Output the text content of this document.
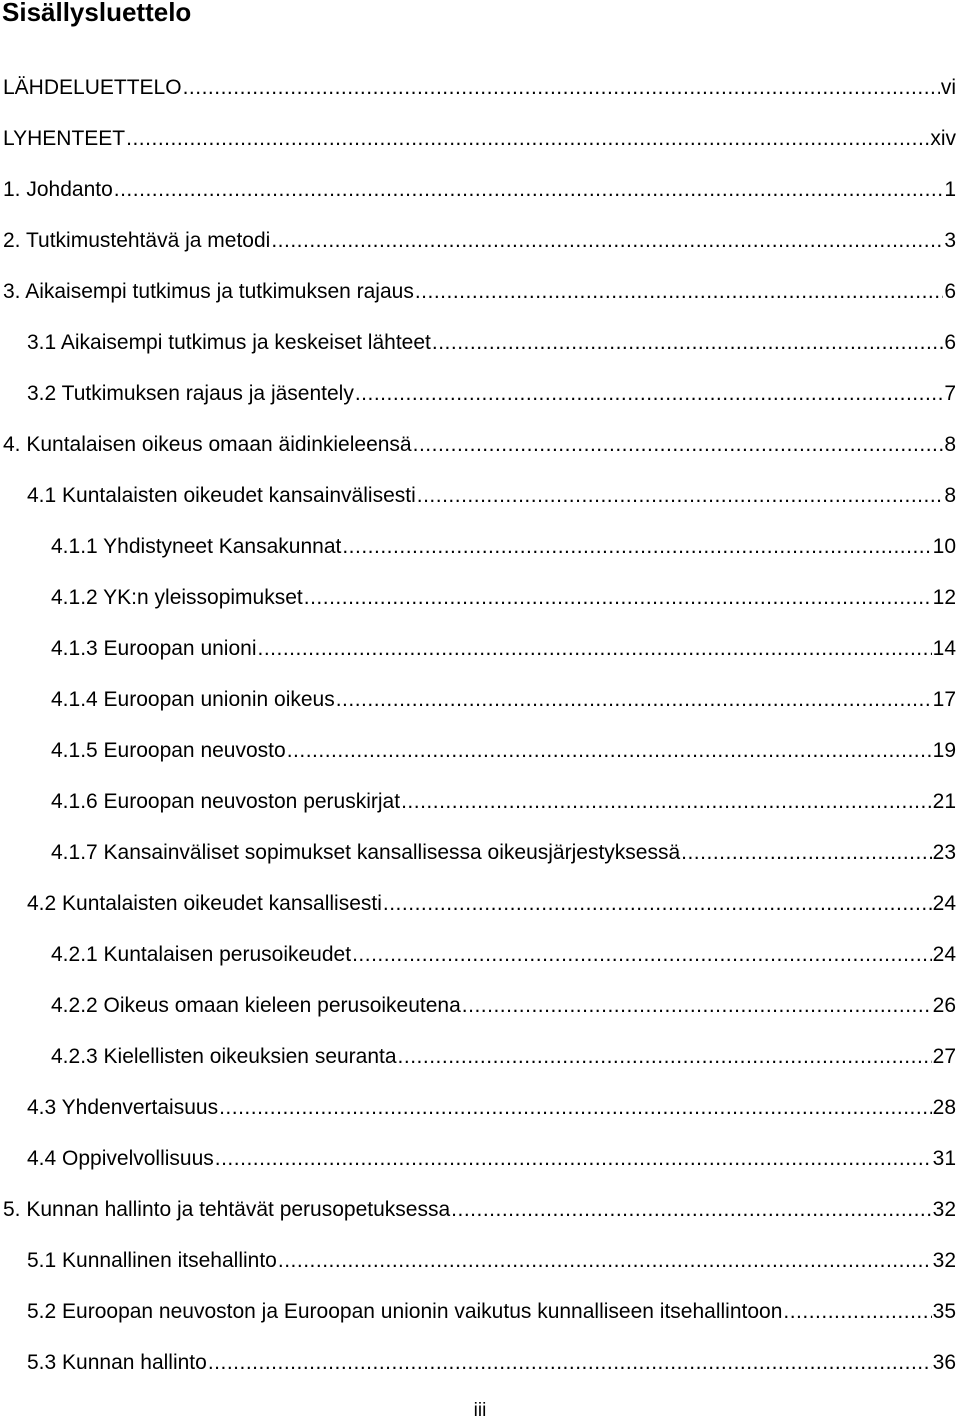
Sisällysluettelo
LÄHDELUETTELO .....	vi
LYHENTEET .....	xiv
1. Johdanto .....	1
2. Tutkimustehtävä ja metodi .....	3
3. Aikaisempi tutkimus ja tutkimuksen rajaus .....	6
3.1 Aikaisempi tutkimus ja keskeiset lähteet .....	6
3.2 Tutkimuksen rajaus ja jäsentely .....	7
4. Kuntalaisen oikeus omaan äidinkieleensä .....	8
4.1 Kuntalaisten oikeudet kansainvälisesti .....	8
4.1.1 Yhdistyneet Kansakunnat .....	10
4.1.2 YK:n yleissopimukset .....	12
4.1.3 Euroopan unioni .....	14
4.1.4 Euroopan unionin oikeus .....	17
4.1.5 Euroopan neuvosto .....	19
4.1.6 Euroopan neuvoston peruskirjat .....	21
4.1.7 Kansainväliset sopimukset kansallisessa oikeusjärjestyksessä .....	23
4.2 Kuntalaisten oikeudet kansallisesti .....	24
4.2.1 Kuntalaisen perusoikeudet .....	24
4.2.2 Oikeus omaan kieleen perusoikeutena .....	26
4.2.3 Kielellisten oikeuksien seuranta .....	27
4.3 Yhdenvertaisuus .....	28
4.4 Oppivelvollisuus .....	31
5. Kunnan hallinto ja tehtävät perusopetuksessa .....	32
5.1 Kunnallinen itsehallinto .....	32
5.2 Euroopan neuvoston ja Euroopan unionin vaikutus kunnalliseen itsehallintoon .....	35
5.3 Kunnan hallinto .....	36
iii
